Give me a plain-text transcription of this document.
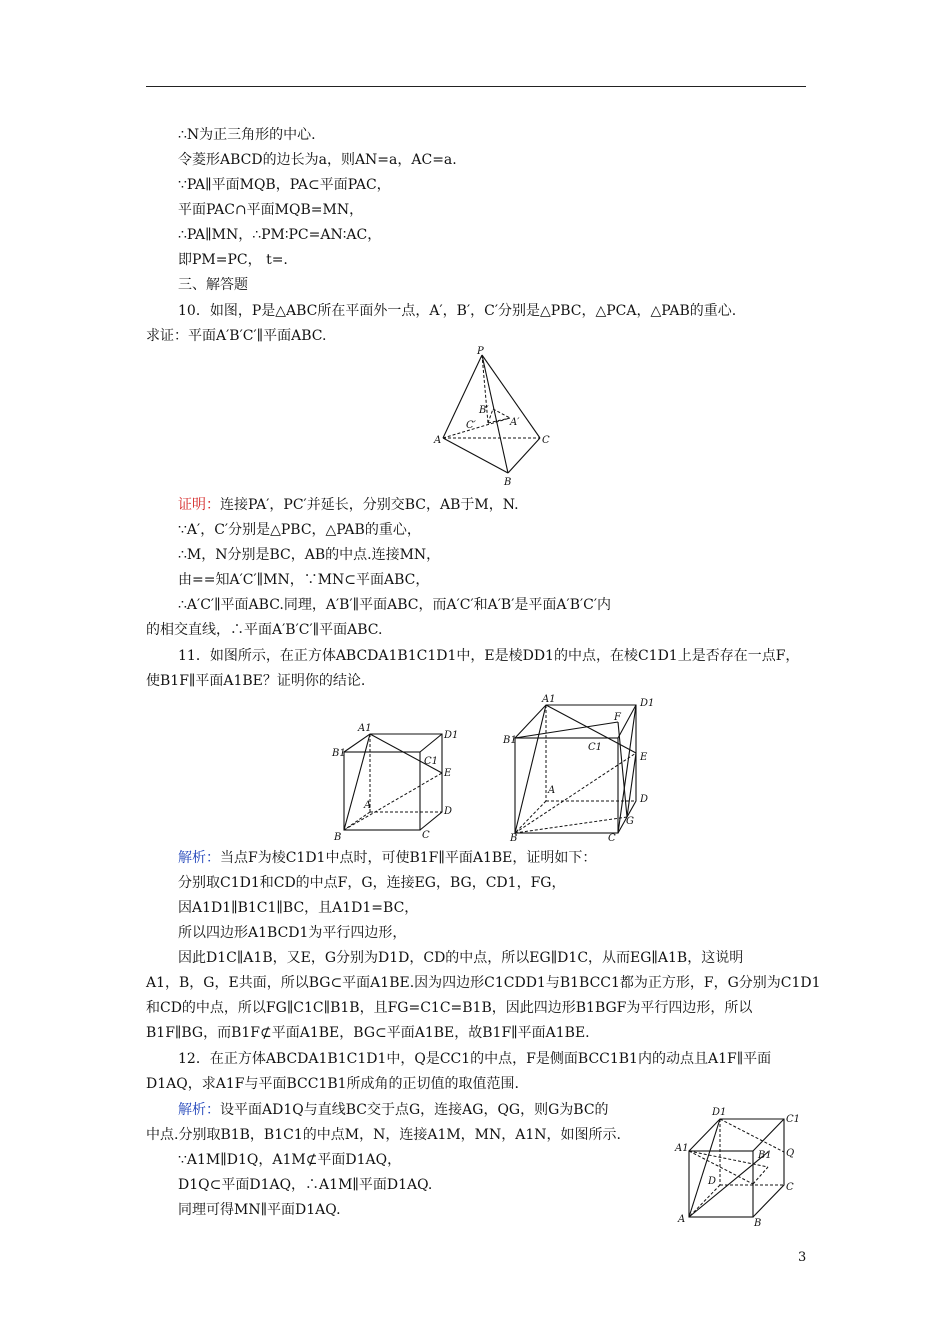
∴N为正三角形的中心.
令菱形ABCD的边长为a，则AN=a，AC=a.
∵PA∥平面MQB，PA⊂平面PAC，
平面PAC∩平面MQB=MN，
∴PA∥MN，∴PM∶PC=AN∶AC，
即PM=PC， t=.
三、解答题
10．如图，P是△ABC所在平面外一点，A′，B′，C′分别是△PBC，△PCA，△PAB的重心.
求证：平面A′B′C′∥平面ABC.
P
B′
C′	A′
A	C
B
证明：连接PA′，PC′并延长，分别交BC，AB于M，N.
∵A′，C′分别是△PBC，△PAB的重心，
∴M，N分别是BC，AB的中点.连接MN，
由==知A′C′∥MN，∵MN⊂平面ABC，
∴A′C′∥平面ABC.同理，A′B′∥平面ABC，而A′C′和A′B′是平面A′B′C′内
的相交直线，∴平面A′B′C′∥平面ABC.
11．如图所示，在正方体ABCDA1B1C1D1中，E是棱DD1的中点，在棱C1D1上是否存在一点F，
使B1F∥平面A1BE？证明你的结论.
A1
D1
B1
C1
E
A
D
B	C
A1	D1
F
B1
C1
E
A
D
G
B	C
解析：当点F为棱C1D1中点时，可使B1F∥平面A1BE，证明如下：
分别取C1D1和CD的中点F，G，连接EG，BG，CD1，FG，
因A1D1∥B1C1∥BC，且A1D1=BC，
所以四边形A1BCD1为平行四边形，
因此D1C∥A1B，又E，G分别为D1D，CD的中点，所以EG∥D1C，从而EG∥A1B，这说明
A1，B，G，E共面，所以BG⊂平面A1BE.因为四边形C1CDD1与B1BCC1都为正方形，F，G分别为C1D1
和CD的中点，所以FG∥C1C∥B1B，且FG=C1C=B1B，因此四边形B1BGF为平行四边形，所以
B1F∥BG，而B1F⊄平面A1BE，BG⊂平面A1BE，故B1F∥平面A1BE.
12．在正方体ABCDA1B1C1D1中，Q是CC1的中点，F是侧面BCC1B1内的动点且A1F∥平面
D1AQ，求A1F与平面BCC1B1所成角的正切值的取值范围.
解析：设平面AD1Q与直线BC交于点G，连接AG，QG，则G为BC的
中点.分别取B1B，B1C1的中点M，N，连接A1M，MN，A1N，如图所示.
∵A1M∥D1Q，A1M⊄平面D1AQ，
D1Q⊂平面D1AQ，∴A1M∥平面D1AQ.
同理可得MN∥平面D1AQ.
D1
C1
A1
B1 Q
D
C
A	B
3
